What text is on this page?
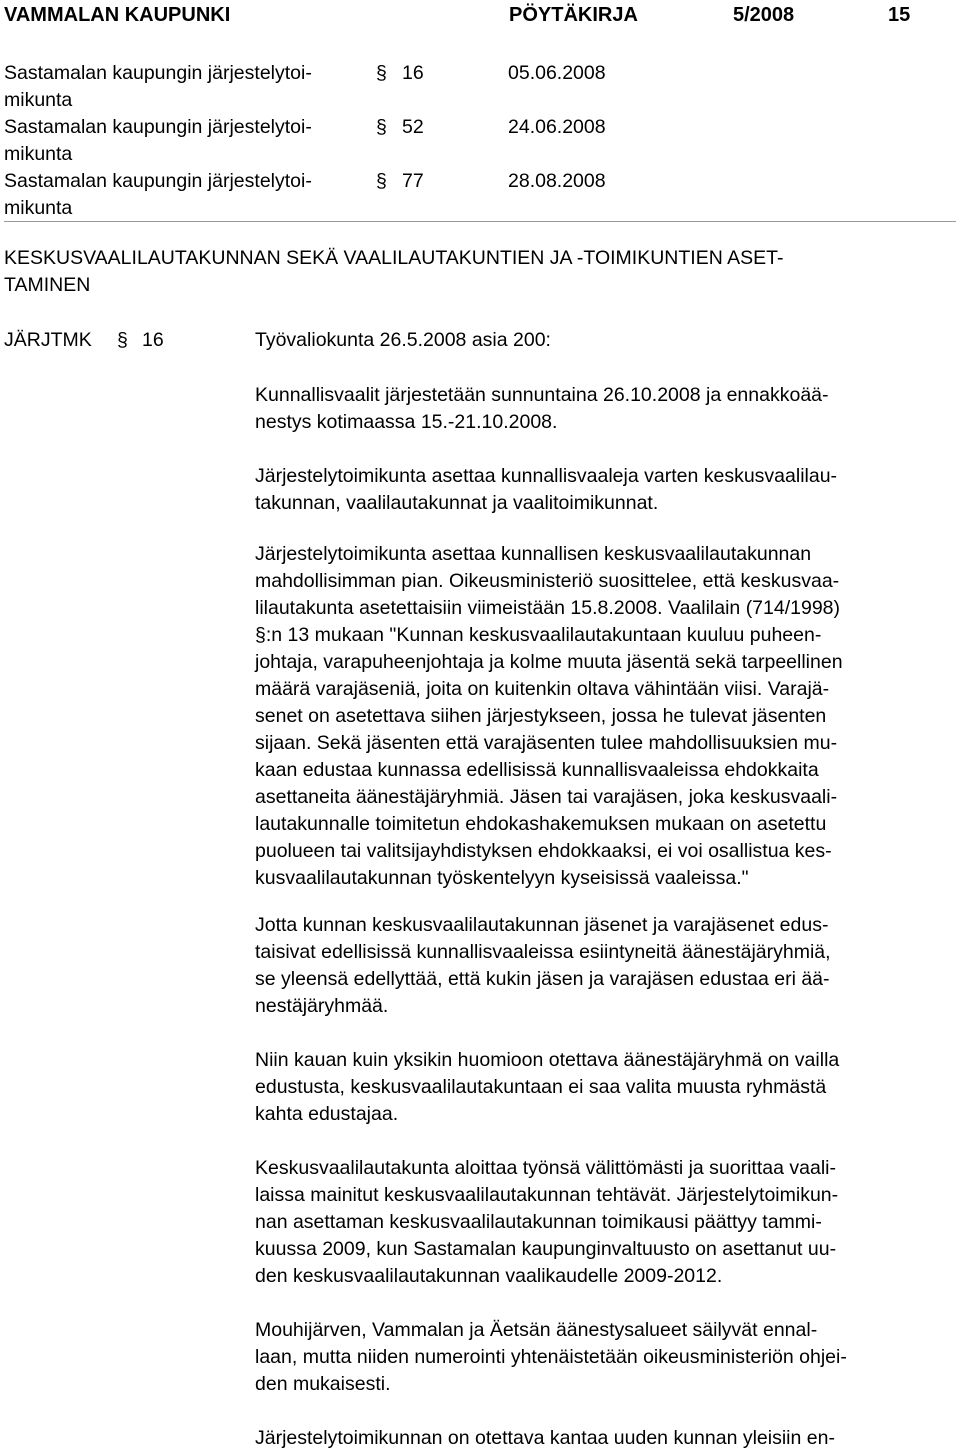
VAMMALAN KAUPUNKI	PÖYTÄKIRJA	5/2008	15
Sastamalan kaupungin järjestelytoi-
mikunta
§ 16	05.06.2008
Sastamalan kaupungin järjestelytoi-
mikunta
§ 52	24.06.2008
Sastamalan kaupungin järjestelytoi-
mikunta
§ 77	28.08.2008
KESKUSVAALILAUTAKUNNAN SEKÄ VAALILAUTAKUNTIEN JA -TOIMIKUNTIEN ASET-
TAMINEN
JÄRJTMK § 16	Työvaliokunta 26.5.2008 asia 200:
Kunnallisvaalit järjestetään sunnuntaina 26.10.2008 ja ennakkoää-
nestys kotimaassa 15.-21.10.2008.
Järjestelytoimikunta asettaa kunnallisvaaleja varten keskusvaalilau-
takunnan, vaalilautakunnat ja vaalitoimikunnat.
Järjestelytoimikunta asettaa kunnallisen keskusvaalilautakunnan
mahdollisimman pian. Oikeusministeriö suosittelee, että keskusvaa-
lilautakunta asetettaisiin viimeistään 15.8.2008. Vaalilain (714/1998)
§:n 13 mukaan "Kunnan keskusvaalilautakuntaan kuuluu puheen-
johtaja, varapuheenjohtaja ja kolme muuta jäsentä sekä tarpeellinen
määrä varajäseniä, joita on kuitenkin oltava vähintään viisi. Varajä-
senet on asetettava siihen järjestykseen, jossa he tulevat jäsenten
sijaan. Sekä jäsenten että varajäsenten tulee mahdollisuuksien mu-
kaan edustaa kunnassa edellisissä kunnallisvaaleissa ehdokkaita
asettaneita äänestäjäryhmiä. Jäsen tai varajäsen, joka keskusvaali-
lautakunnalle toimitetun ehdokashakemuksen mukaan on asetettu
puolueen tai valitsijayhdistyksen ehdokkaaksi, ei voi osallistua kes-
kusvaalilautakunnan työskentelyyn kyseisissä vaaleissa."
Jotta kunnan keskusvaalilautakunnan jäsenet ja varajäsenet edus-
taisivat edellisissä kunnallisvaaleissa esiintyneitä äänestäjäryhmiä,
se yleensä edellyttää, että kukin jäsen ja varajäsen edustaa eri ää-
nestäjäryhmää.
Niin kauan kuin yksikin huomioon otettava äänestäjäryhmä on vailla
edustusta, keskusvaalilautakuntaan ei saa valita muusta ryhmästä
kahta edustajaa.
Keskusvaalilautakunta aloittaa työnsä välittömästi ja suorittaa vaali-
laissa mainitut keskusvaalilautakunnan tehtävät. Järjestelytoimikun-
nan asettaman keskusvaalilautakunnan toimikausi päättyy tammi-
kuussa 2009, kun Sastamalan kaupunginvaltuusto on asettanut uu-
den keskusvaalilautakunnan vaalikaudelle 2009-2012.
Mouhijärven, Vammalan ja Äetsän äänestysalueet säilyvät ennal-
laan, mutta niiden numerointi yhtenäistetään oikeusministeriön ohjei-
den mukaisesti.
Järjestelytoimikunnan on otettava kantaa uuden kunnan yleisiin en-
